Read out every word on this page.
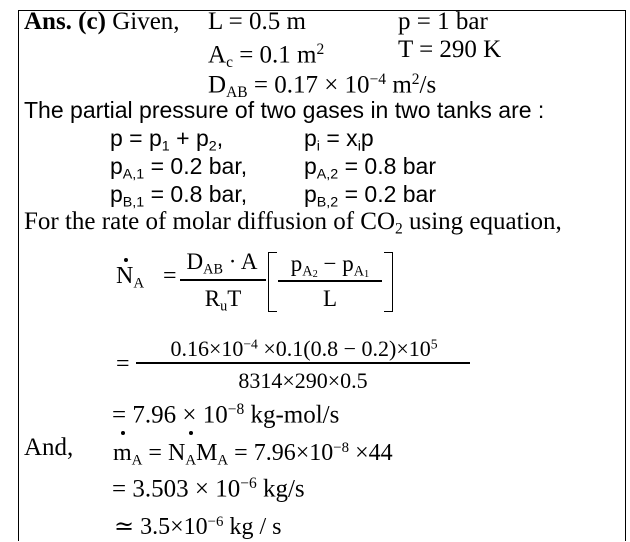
Ans. (c) Given, L = 0.5 m	p = 1 bar
$A_c = 0.1$ $m^2$	T = 290 K
$D_{AB} = 0.17 \times 10^{-4}$ $m^2/s$
The partial pressure of two gases in two tanks are :
$p = p_1 + p_2$,	$p_i = x_ip$
$p_{A,1} = 0.2$ bar, $p_{A,2} = 0.8$ bar
$p_{B,1} = 0.8$ bar, $p_{B,2} = 0.2$ bar
For the rate of molar diffusion of $CO_2$ using equation,
$N_A$ =
$D_{AB} \cdot A$
$R_uT$
$p_{A2} - p_{A1}$
L
=
$0.16\times 10^{-4} \times 0.1(0.8 - 0.2)\times 10^5$
8314×290×0.5
= $7.96 \times 10^{-8}$ kg-mol/s
And, $m_A = N_AM_A = 7.96\times 10^{-8} \times 44$
= $3.503 \times 10^{-6}$ kg/s
≃ $3.5\times 10^{-6}$ kg / s
